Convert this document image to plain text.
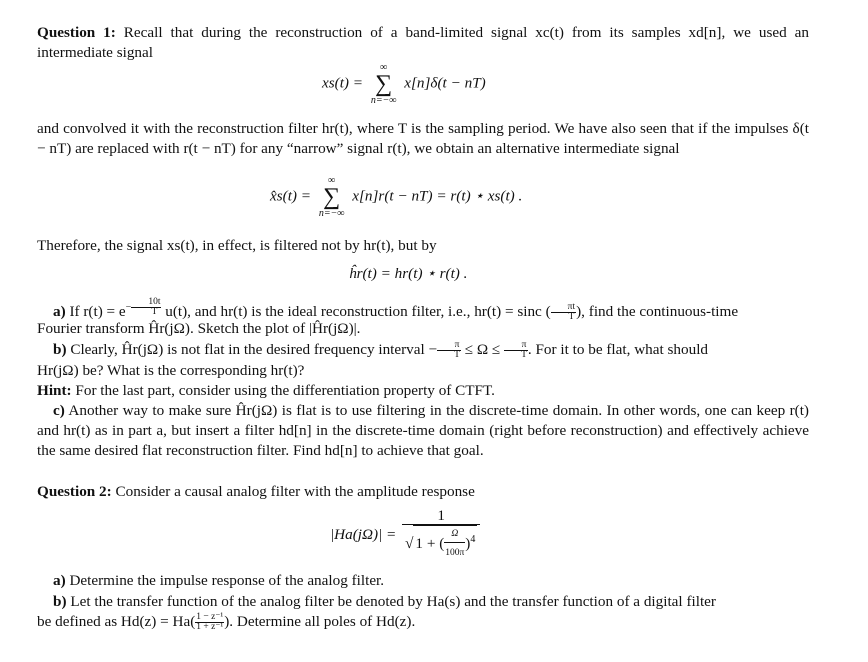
Question 1: Recall that during the reconstruction of a band-limited signal xc(t) from its samples xd[n], we used an intermediate signal
xs(t) =
∞
∑
n=−∞
x[n]δ(t − nT)
and convolved it with the reconstruction filter hr(t), where T is the sampling period. We have also seen that if the impulses δ(t − nT) are replaced with r(t − nT) for any “narrow” signal r(t), we obtain an alternative intermediate signal
x̂s(t) =
∞
∑
n=−∞
x[n]r(t − nT) = r(t) ⋆ xs(t) .
Therefore, the signal xs(t), in effect, is filtered not by hr(t), but by
ĥr(t) = hr(t) ⋆ r(t) .
a) If $r(t) = e^{- \frac{10t}{T}}$ u(t), and hr(t) is the ideal reconstruction filter, i.e., hr(t) = sinc ( $\frac{\pi t}{T}$ ), find the continuous-time
Fourier transform Ĥr(jΩ). Sketch the plot of |Ĥr(jΩ)|.
b) Clearly, Ĥr(jΩ) is not flat in the desired frequency interval − $\frac{\pi}{T} \le \Omega \le \frac{\pi}{T}$ . For it to be flat, what should
Hr(jΩ) be? What is the corresponding hr(t)?
Hint: For the last part, consider using the differentiation property of CTFT.
c) Another way to make sure Ĥr(jΩ) is flat is to use filtering in the discrete-time domain. In other words, one can keep r(t) and hr(t) as in part a, but insert a filter hd[n] in the discrete-time domain (right before reconstruction) and effectively achieve the same desired flat reconstruction filter. Find hd[n] to achieve that goal.
Question 2: Consider a causal analog filter with the amplitude response
$|Ha(j\Omega)| = \frac{1}{√ 1 + ( \frac{\Omega}{100\pi} )^4}$
a) Determine the impulse response of the analog filter.
b) Let the transfer function of the analog filter be denoted by Ha(s) and the transfer function of a digital filter
be defined as $Hd(z) = Ha( \frac{\text{1 − z⁻¹}}{\text{1 + z⁻¹}}$ ). Determine all poles of Hd(z).
